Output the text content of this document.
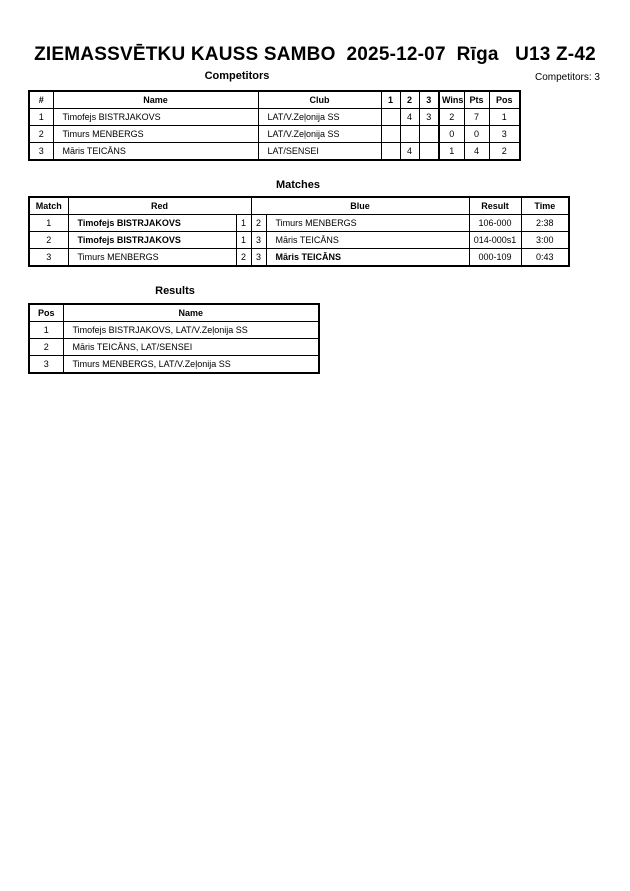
ZIEMASSVĒTKU KAUSS SAMBO  2025-12-07  Rīga   U13 Z-42
Competitors	Competitors: 3
#	Name	Club	1	2	3	Wins	Pts	Pos
1	Timofejs BISTRJAKOVS	LAT/V.Zeļonija SS		4	3	2	7	1
2	Timurs MENBERGS	LAT/V.Zeļonija SS				0	0	3
3	Māris TEICĀNS	LAT/SENSEI		4		1	4	2
Matches
Match	Red		Blue		Result	Time
1	Timofejs BISTRJAKOVS	1	2	Timurs MENBERGS	106-000	2:38
2	Timofejs BISTRJAKOVS	1	3	Māris TEICĀNS	014-000s1	3:00
3	Timurs MENBERGS	2	3	Māris TEICĀNS	000-109	0:43
Results
Pos	Name
1	Timofejs BISTRJAKOVS, LAT/V.Zeļonija SS
2	Māris TEICĀNS, LAT/SENSEI
3	Timurs MENBERGS, LAT/V.Zeļonija SS
